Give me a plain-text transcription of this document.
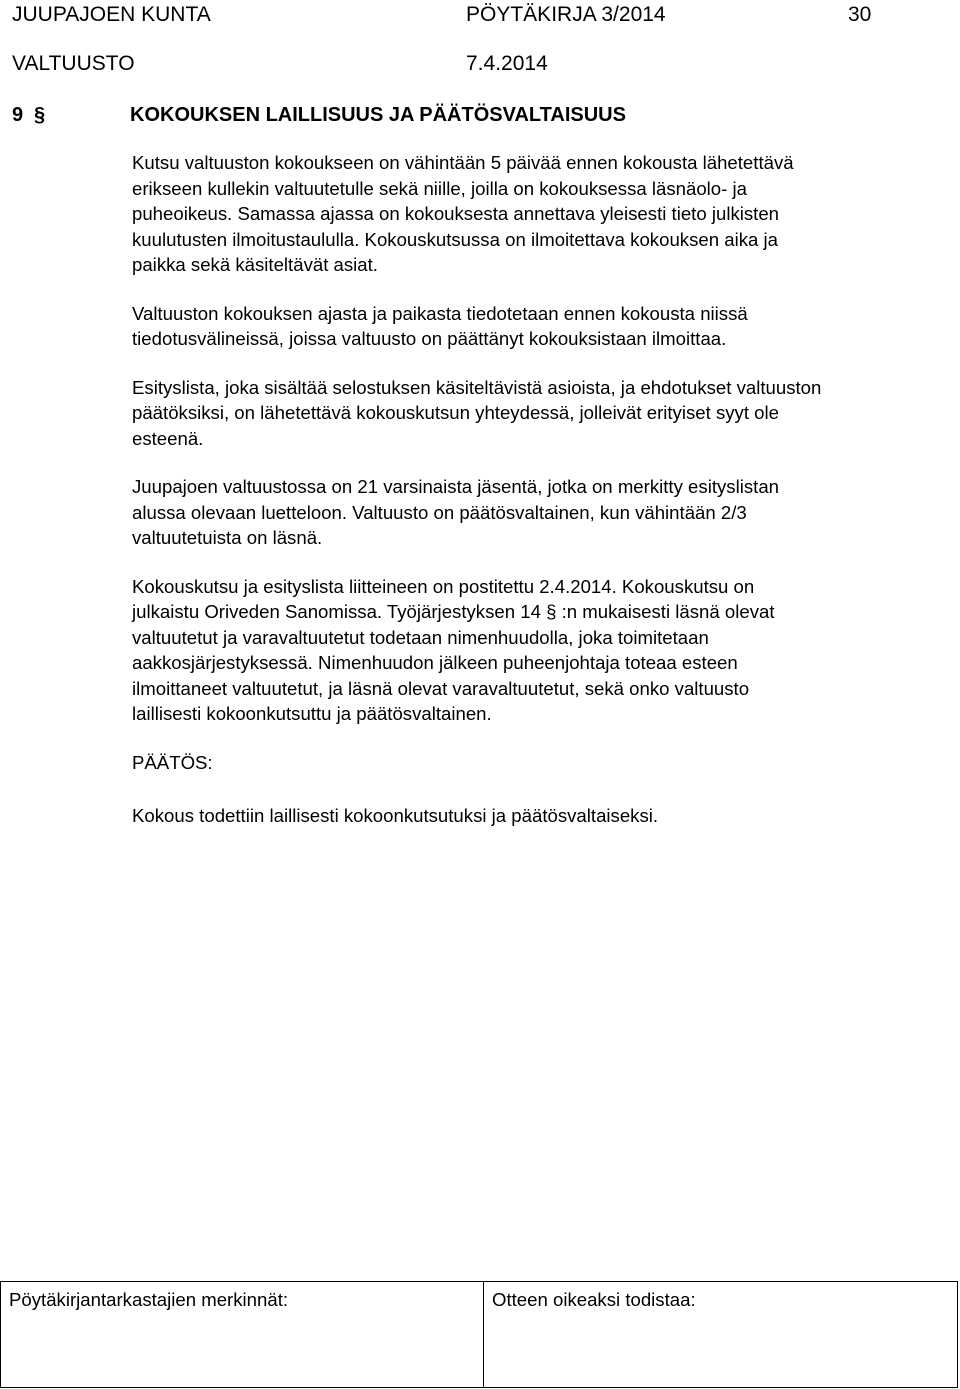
JUUPAJOEN KUNTA	PÖYTÄKIRJA 3/2014	30
VALTUUSTO	7.4.2014
9 §	KOKOUKSEN LAILLISUUS JA PÄÄTÖSVALTAISUUS

Kutsu valtuuston kokoukseen on vähintään 5 päivää ennen kokousta lähetettävä
erikseen kullekin valtuutetulle sekä niille, joilla on kokouksessa läsnäolo- ja
puheoikeus. Samassa ajassa on kokouksesta annettava yleisesti tieto julkisten
kuulutusten ilmoitustaululla. Kokouskutsussa on ilmoitettava kokouksen aika ja
paikka sekä käsiteltävät asiat.

Valtuuston kokouksen ajasta ja paikasta tiedotetaan ennen kokousta niissä
tiedotusvälineissä, joissa valtuusto on päättänyt kokouksistaan ilmoittaa.

Esityslista, joka sisältää selostuksen käsiteltävistä asioista, ja ehdotukset valtuuston
päätöksiksi, on lähetettävä kokouskutsun yhteydessä, jolleivät erityiset syyt ole
esteenä.

Juupajoen valtuustossa on 21 varsinaista jäsentä, jotka on merkitty esityslistan
alussa olevaan luetteloon. Valtuusto on päätösvaltainen, kun vähintään 2/3
valtuutetuista on läsnä.

Kokouskutsu ja esityslista liitteineen on postitettu 2.4.2014. Kokouskutsu on
julkaistu Oriveden Sanomissa. Työjärjestyksen 14 § :n mukaisesti läsnä olevat
valtuutetut ja varavaltuutetut todetaan nimenhuudolla, joka toimitetaan
aakkosjärjestyksessä. Nimenhuudon jälkeen puheenjohtaja toteaa esteen
ilmoittaneet valtuutetut, ja läsnä olevat varavaltuutetut, sekä onko valtuusto
laillisesti kokoonkutsuttu ja päätösvaltainen.

PÄÄTÖS:

Kokous todettiin laillisesti kokoonkutsutuksi ja päätösvaltaiseksi.

Pöytäkirjantarkastajien merkinnät:	Otteen oikeaksi todistaa:
